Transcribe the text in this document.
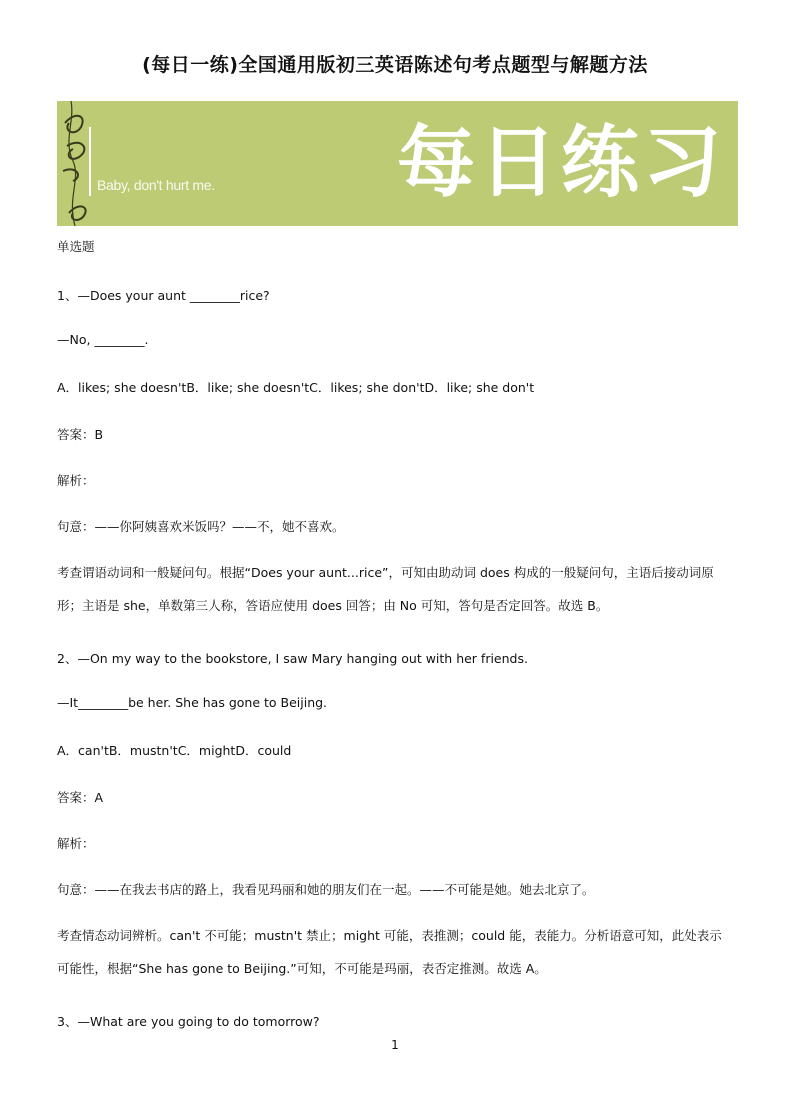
(每日一练)全国通用版初三英语陈述句考点题型与解题方法
Baby, don't hurt me. 每日练习
单选题
1、—Does your aunt ________rice?
—No, ________.
A．likes; she doesn'tB．like; she doesn'tC．likes; she don'tD．like; she don't
答案：B
解析：
句意：——你阿姨喜欢米饭吗？——不，她不喜欢。
考查谓语动词和一般疑问句。根据“Does your aunt...rice”，可知由助动词 does 构成的一般疑问句，主语后接动词原形；主语是 she，单数第三人称，答语应使用 does 回答；由 No 可知，答句是否定回答。故选 B。
2、—On my way to the bookstore, I saw Mary hanging out with her friends.
—It________be her. She has gone to Beijing.
A．can'tB．mustn'tC．mightD．could
答案：A
解析：
句意：——在我去书店的路上，我看见玛丽和她的朋友们在一起。——不可能是她。她去北京了。
考查情态动词辨析。can't 不可能；mustn't 禁止；might 可能，表推测；could 能，表能力。分析语意可知，此处表示可能性，根据“She has gone to Beijing.”可知，不可能是玛丽，表否定推测。故选 A。
3、—What are you going to do tomorrow?
1
